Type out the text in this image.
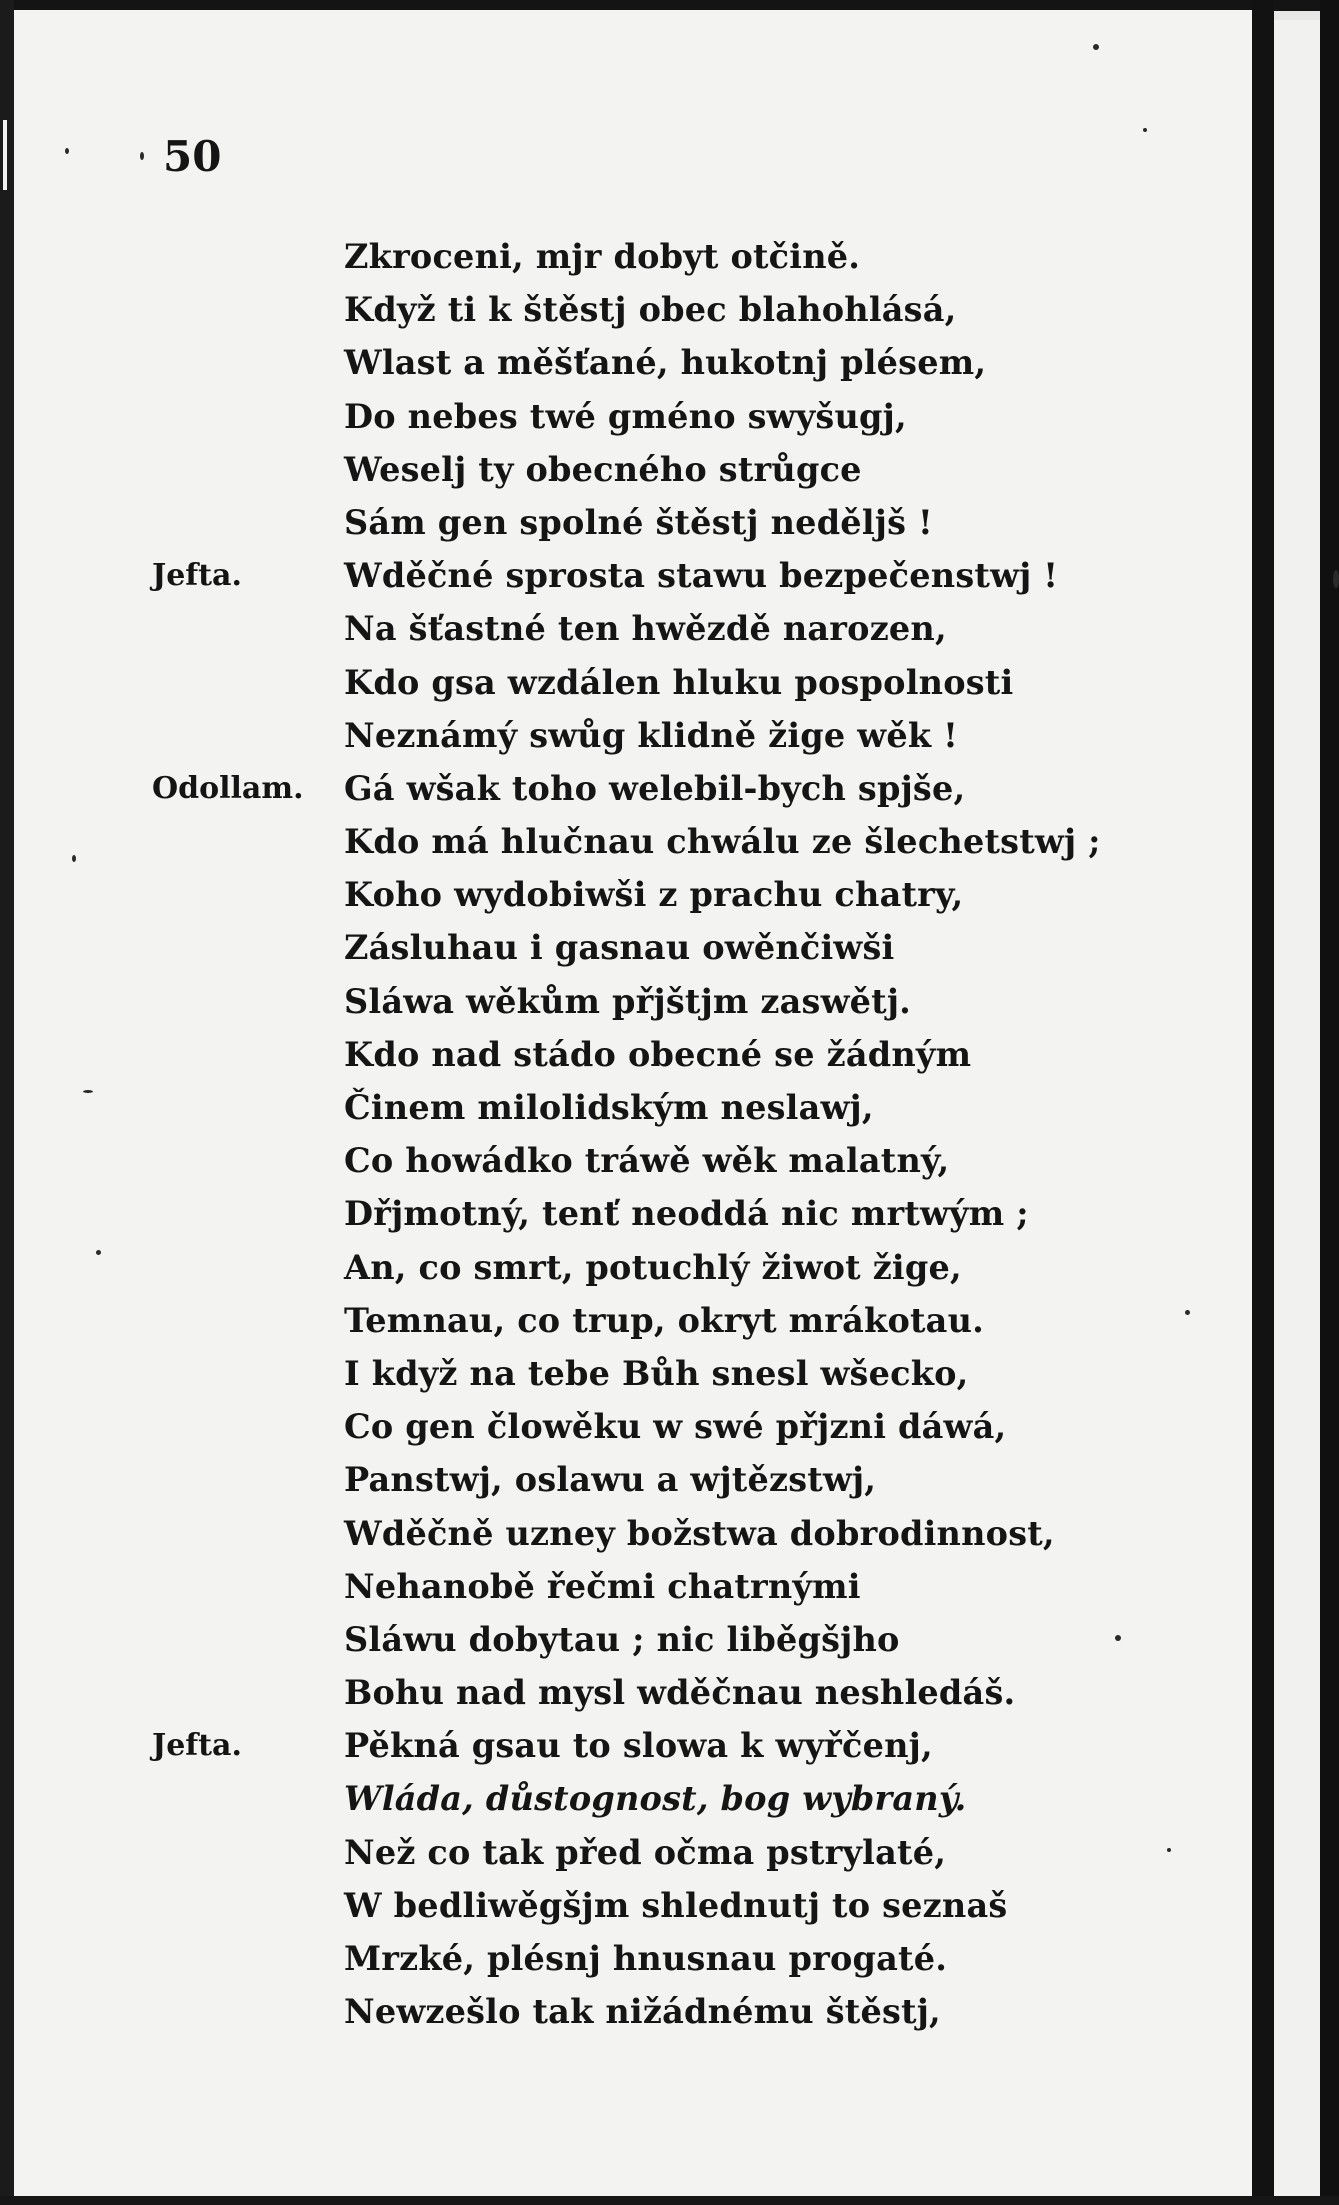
50
Zkroceni, mjr dobyt otčině.
Když ti k štěstj obec blahohlásá,
Wlast a měšťané, hukotnj plésem,
Do nebes twé gméno swyšugj,
Weselj ty obecného strůgce
Sám gen spolné štěstj neděljš !
Jefta.	Wděčné sprosta stawu bezpečenstwj !
Na šťastné ten hwězdě narozen,
Kdo gsa wzdálen hluku pospolnosti
Neznámý swůg klidně žige wěk !
Odollam. Gá wšak toho welebil-bych spjše,
Kdo má hlučnau chwálu ze šlechetstwj ;
Koho wydobiwši z prachu chatry,
Zásluhau i gasnau owěnčiwši
Sláwa wěkům přjštjm zaswětj.
Kdo nad stádo obecné se žádným
Činem milolidským neslawj,
Co howádko tráwě wěk malatný,
Dřjmotný, tenť neoddá nic mrtwým ;
An, co smrt, potuchlý žiwot žige,
Temnau, co trup, okryt mrákotau.
I když na tebe Bůh snesl wšecko,
Co gen člowěku w swé přjzni dáwá,
Panstwj, oslawu a wjtězstwj,
Wděčně uzney božstwa dobrodinnost,
Nehanobě řečmi chatrnými
Sláwu dobytau ; nic liběgšjho
Bohu nad mysl wděčnau neshledáš.
Jefta.	Pěkná gsau to slowa k wyřčenj,
Wláda, důstognost, bog wybraný.
Než co tak před očma pstrylaté,
W bedliwěgšjm shlednutj to seznaš
Mrzké, plésnj hnusnau progaté.
Newzešlo tak nižádnému štěstj,
